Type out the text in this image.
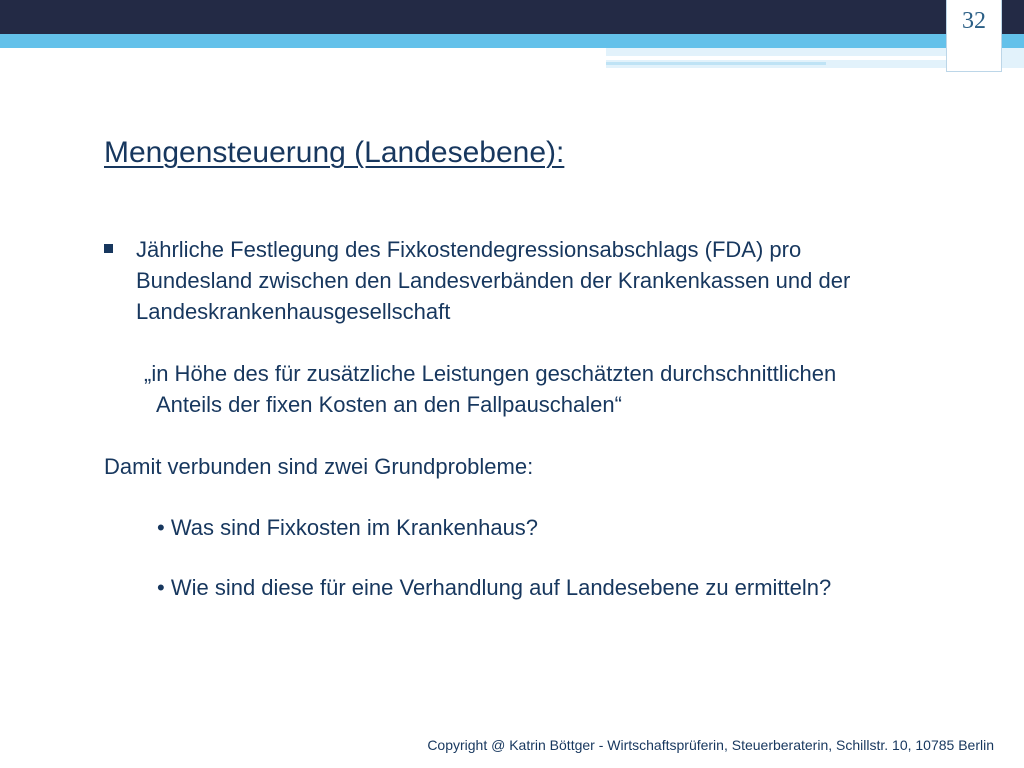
32
Mengensteuerung (Landesebene):
Jährliche Festlegung des Fixkostendegressionsabschlags (FDA) pro
Bundesland zwischen den Landesverbänden der Krankenkassen und der
Landeskrankenhausgesellschaft
„in Höhe des für zusätzliche Leistungen geschätzten durchschnittlichen
Anteils der fixen Kosten an den Fallpauschalen“
Damit verbunden sind zwei Grundprobleme:
• Was sind Fixkosten im Krankenhaus?
• Wie sind diese für eine Verhandlung auf Landesebene zu ermitteln?
Copyright @ Katrin Böttger - Wirtschaftsprüferin, Steuerberaterin, Schillstr. 10, 10785 Berlin
